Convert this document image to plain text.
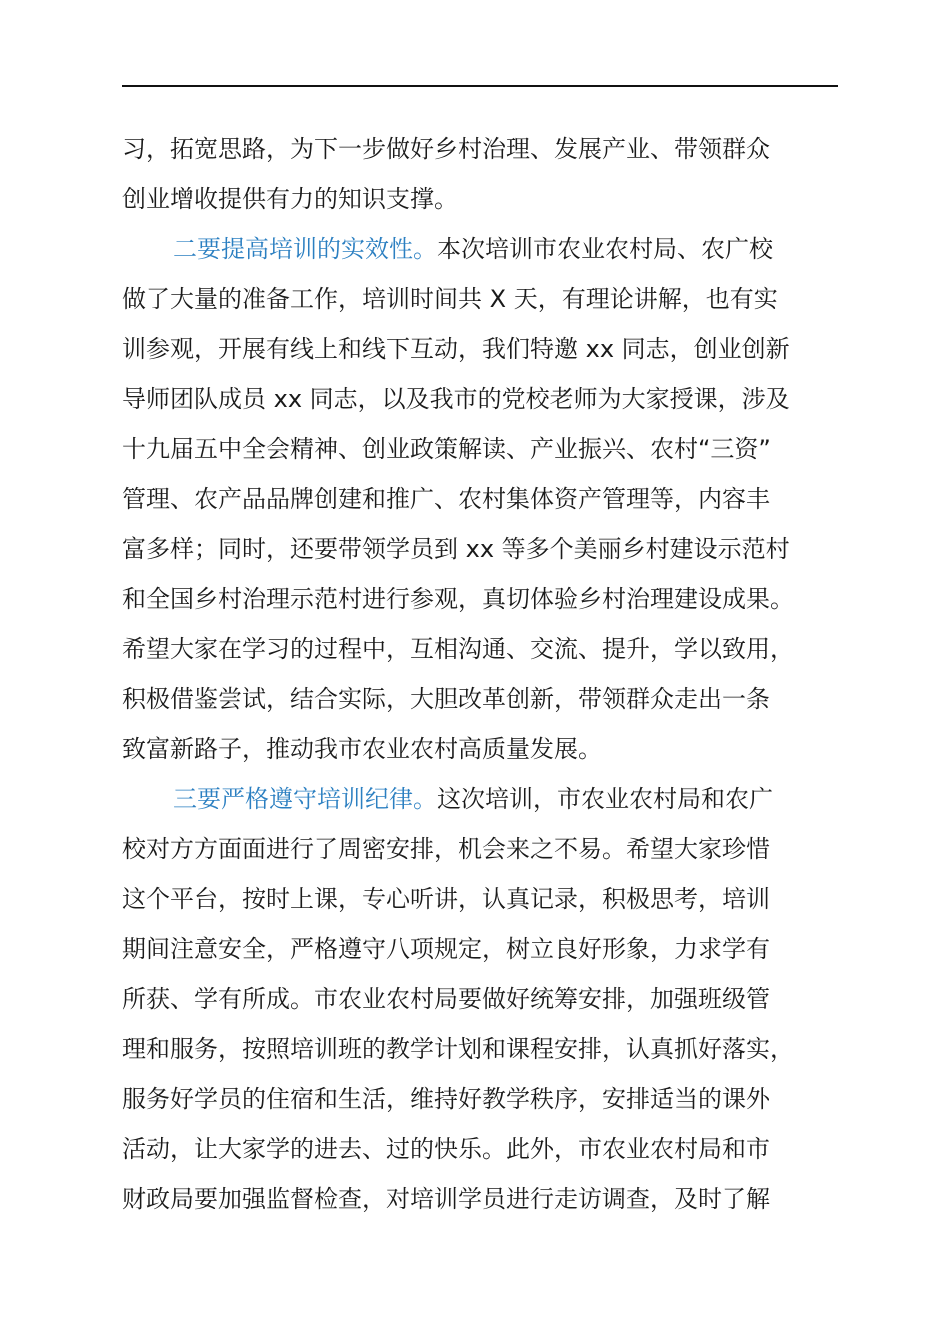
习，拓宽思路，为下一步做好乡村治理、发展产业、带领群众
创业增收提供有力的知识支撑。
二要提高培训的实效性。本次培训市农业农村局、农广校
做了大量的准备工作，培训时间共 X 天，有理论讲解，也有实
训参观，开展有线上和线下互动，我们特邀 xx 同志，创业创新
导师团队成员 xx 同志，以及我市的党校老师为大家授课，涉及
十九届五中全会精神、创业政策解读、产业振兴、农村“三资”
管理、农产品品牌创建和推广、农村集体资产管理等，内容丰
富多样；同时，还要带领学员到 xx 等多个美丽乡村建设示范村
和全国乡村治理示范村进行参观，真切体验乡村治理建设成果。
希望大家在学习的过程中，互相沟通、交流、提升，学以致用，
积极借鉴尝试，结合实际，大胆改革创新，带领群众走出一条
致富新路子，推动我市农业农村高质量发展。
三要严格遵守培训纪律。这次培训，市农业农村局和农广
校对方方面面进行了周密安排，机会来之不易。希望大家珍惜
这个平台，按时上课，专心听讲，认真记录，积极思考，培训
期间注意安全，严格遵守八项规定，树立良好形象，力求学有
所获、学有所成。市农业农村局要做好统筹安排，加强班级管
理和服务，按照培训班的教学计划和课程安排，认真抓好落实，
服务好学员的住宿和生活，维持好教学秩序，安排适当的课外
活动，让大家学的进去、过的快乐。此外，市农业农村局和市
财政局要加强监督检查，对培训学员进行走访调查，及时了解
